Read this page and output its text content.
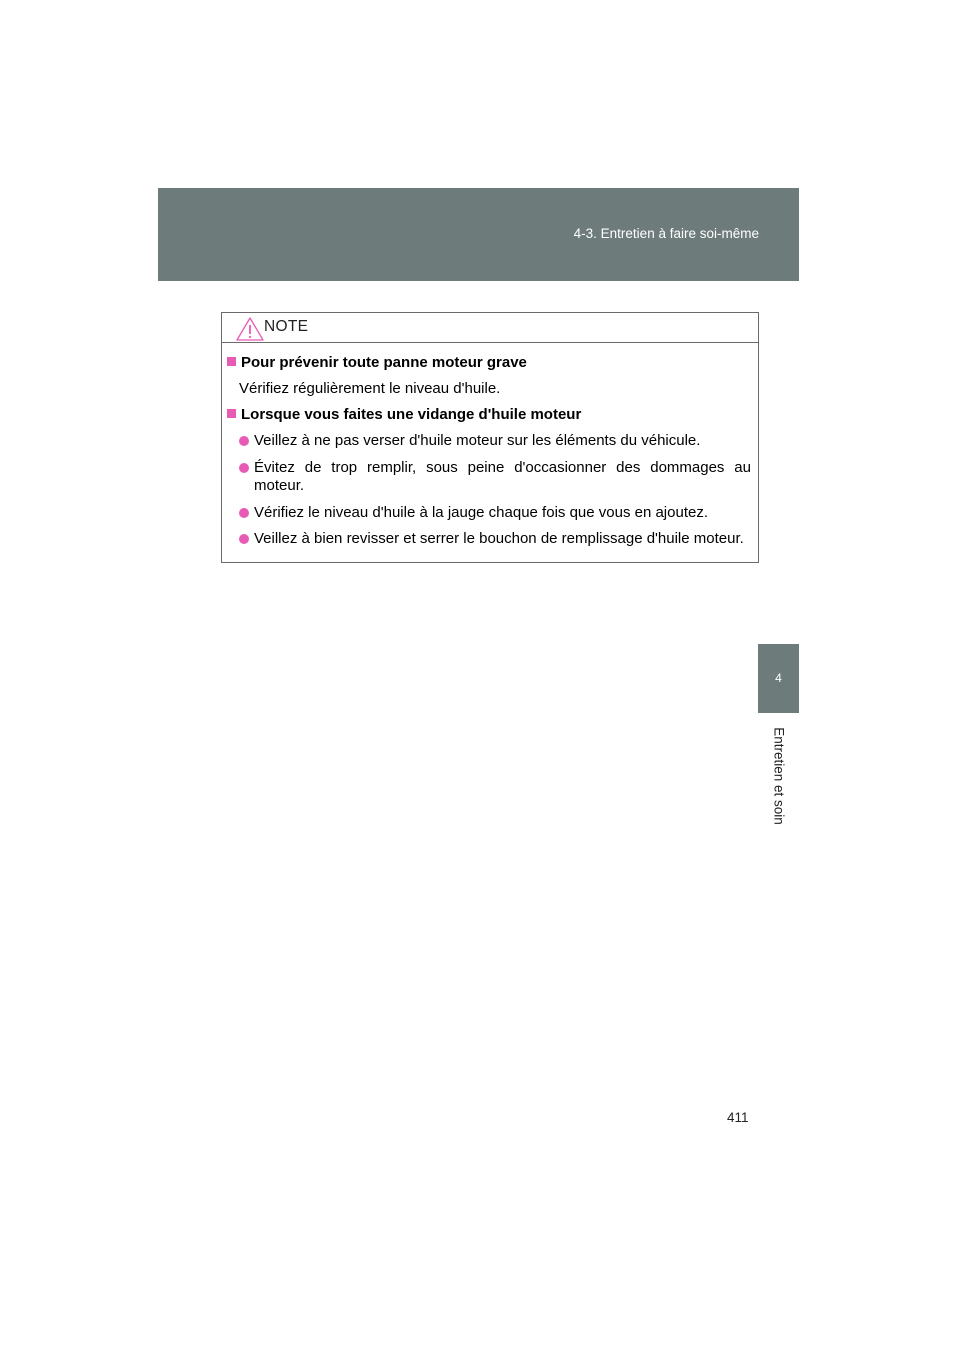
4-3. Entretien à faire soi-même
4
Entretien et soin
NOTE
Pour prévenir toute panne moteur grave
Vérifiez régulièrement le niveau d'huile.
Lorsque vous faites une vidange d'huile moteur
Veillez à ne pas verser d'huile moteur sur les éléments du véhicule.
Évitez de trop remplir, sous peine d'occasionner des dommages au
moteur.
Vérifiez le niveau d'huile à la jauge chaque fois que vous en ajoutez.
Veillez à bien revisser et serrer le bouchon de remplissage d'huile moteur.
411
